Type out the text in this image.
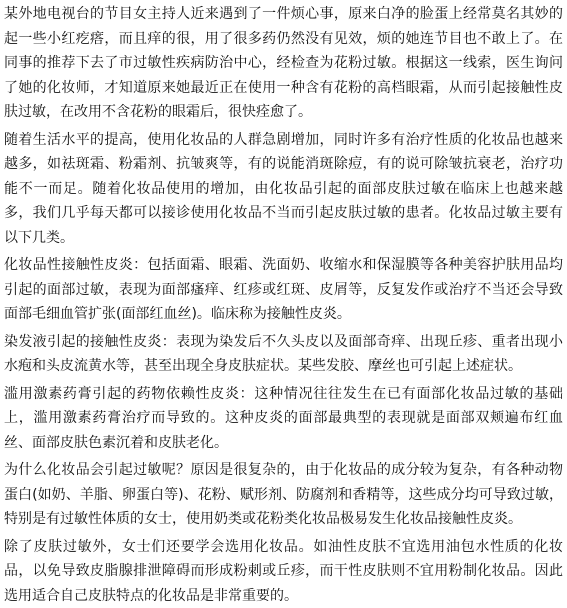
某外地电视台的节目女主持人近来遇到了一件烦心事，原来白净的脸蛋上经常莫名其妙的起一些小红疙瘩，而且痒的很，用了很多药仍然没有见效，烦的她连节目也不敢上了。在同事的推荐下去了市过敏性疾病防治中心，经检查为花粉过敏。根据这一线索，医生询问了她的化妆师，才知道原来她最近正在使用一种含有花粉的高档眼霜，从而引起接触性皮肤过敏，在改用不含花粉的眼霜后，很快痊愈了。

随着生活水平的提高，使用化妆品的人群急剧增加，同时许多有治疗性质的化妆品也越来越多，如祛斑霜、粉霜剂、抗皱爽等，有的说能消斑除痘，有的说可除皱抗衰老，治疗功能不一而足。随着化妆品使用的增加，由化妆品引起的面部皮肤过敏在临床上也越来越多，我们几乎每天都可以接诊使用化妆品不当而引起皮肤过敏的患者。化妆品过敏主要有以下几类。

化妆品性接触性皮炎：包括面霜、眼霜、洗面奶、收缩水和保湿膜等各种美容护肤用品均引起的面部过敏，表现为面部瘙痒、红疹或红斑、皮屑等，反复发作或治疗不当还会导致面部毛细血管扩张(面部红血丝)。临床称为接触性皮炎。

染发液引起的接触性皮炎：表现为染发后不久头皮以及面部奇痒、出现丘疹、重者出现小水疱和头皮流黄水等，甚至出现全身皮肤症状。某些发胶、摩丝也可引起上述症状。

滥用激素药膏引起的药物依赖性皮炎：这种情况往往发生在已有面部化妆品过敏的基础上，滥用激素药膏治疗而导致的。这种皮炎的面部最典型的表现就是面部双颊遍布红血丝、面部皮肤色素沉着和皮肤老化。

为什么化妆品会引起过敏呢？原因是很复杂的，由于化妆品的成分较为复杂，有各种动物蛋白(如奶、羊脂、卵蛋白等)、花粉、赋形剂、防腐剂和香精等，这些成分均可导致过敏，特别是有过敏性体质的女士，使用奶类或花粉类化妆品极易发生化妆品接触性皮炎。

除了皮肤过敏外，女士们还要学会选用化妆品。如油性皮肤不宜选用油包水性质的化妆品，以免导致皮脂腺排泄障碍而形成粉刺或丘疹，而干性皮肤则不宜用粉制化妆品。因此选用适合自己皮肤特点的化妆品是非常重要的。
